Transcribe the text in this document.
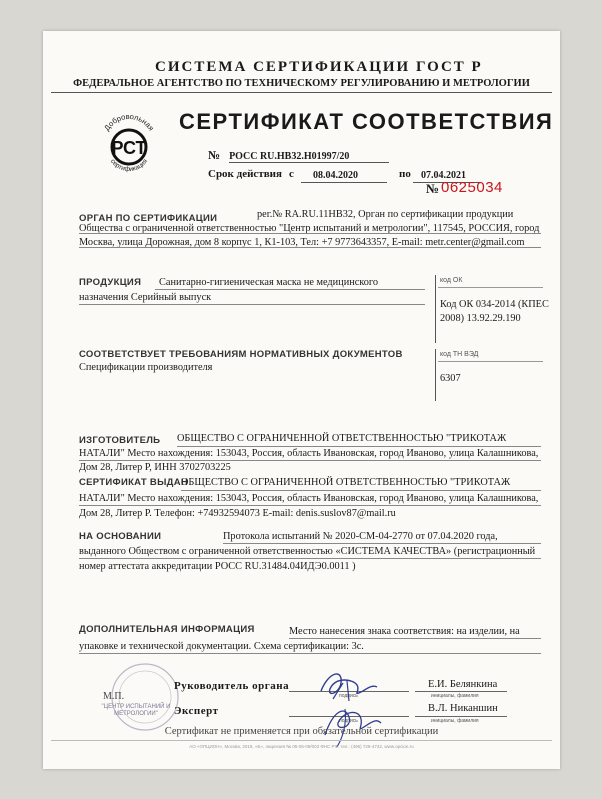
СИСТЕМА СЕРТИФИКАЦИИ ГОСТ Р
ФЕДЕРАЛЬНОЕ АГЕНТСТВО ПО ТЕХНИЧЕСКОМУ РЕГУЛИРОВАНИЮ И МЕТРОЛОГИИ
Добровольная
РСТ
сертификация
СЕРТИФИКАТ СООТВЕТСТВИЯ
№ РОСС RU.НВ32.Н01997/20
Срок действия с 08.04.2020	по 07.04.2021
№ 0625034
ОРГАН ПО СЕРТИФИКАЦИИ	рег.№ RA.RU.11НВ32, Орган по сертификации продукции Общества с ограниченной ответственностью "Центр испытаний и метрологии", 117545, РОССИЯ, город Москва, улица Дорожная, дом 8 корпус 1, К1-103, Тел: +7 9773643357, E-mail: metr.center@gmail.com
ПРОДУКЦИЯ	Санитарно-гигиеническая маска не медицинского назначения Серийный выпуск
код ОК
Код ОК 034-2014 (КПЕС 2008) 13.92.29.190
СООТВЕТСТВУЕТ ТРЕБОВАНИЯМ НОРМАТИВНЫХ ДОКУМЕНТОВ
Спецификации производителя
код ТН ВЭД
6307
ИЗГОТОВИТЕЛЬ	ОБЩЕСТВО С ОГРАНИЧЕННОЙ ОТВЕТСТВЕННОСТЬЮ "ТРИКОТАЖ НАТАЛИ" Место нахождения: 153043, Россия, область Ивановская, город Иваново, улица Калашникова, Дом 28, Литер Р, ИНН 3702703225
СЕРТИФИКАТ ВЫДАН
ОБЩЕСТВО С ОГРАНИЧЕННОЙ ОТВЕТСТВЕННОСТЬЮ "ТРИКОТАЖ НАТАЛИ" Место нахождения: 153043, Россия, область Ивановская, город Иваново, улица Калашникова, Дом 28, Литер Р. Телефон: +74932594073 E-mail: denis.suslov87@mail.ru
НА ОСНОВАНИИ	Протокола испытаний № 2020-СМ-04-2770 от 07.04.2020 года, выданного Обществом с ограниченной ответственностью «СИСТЕМА КАЧЕСТВА» (регистрационный номер аттестата аккредитации РОСС RU.31484.04ИДЭ0.0011 )
ДОПОЛНИТЕЛЬНАЯ ИНФОРМАЦИЯ	Место нанесения знака соответствия: на изделии, на упаковке и технической документации. Схема сертификации: 3с.
М.П.
"ЦЕНТР ИСПЫТАНИЙ И МЕТРОЛОГИИ"
Руководитель органа
подпись
Е.И. Белянкина
инициалы, фамилия
Эксперт
подпись
В.Л. Никаншин
инициалы, фамилия
Сертификат не применяется при обязательной сертификации
АО «ОПЦИОН», Москва, 2019, «Б», лицензия № 05-05-09/003 ФНС РФ, тел.: (495) 726-4742, www.opcion.ru
